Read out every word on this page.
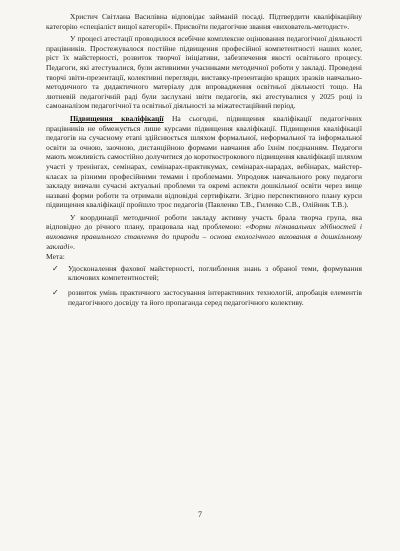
Христич Світлана Василівна відповідає займаній посаді. Підтвердити кваліфікаційну категорію «спеціаліст вищої категорії». Присвоїти педагогічне звання «вихователь-методист».

У процесі атестації проводилося всебічне комплексне оцінювання педагогічної діяльності працівників. Простежувалося постійне підвищення професійної компетентності наших колег, ріст їх майстерності, розвиток творчої ініціативи, забезпечення якості освітнього процесу. Педагоги, які атестувалися, були активними учасниками методичної роботи у закладі. Проведені творчі звіти-презентації, колективні перегляди, виставку-презентацію кращих зразків навчально-методичного та дидактичного матеріалу для впровадження освітньої діяльності тощо. На лютневій педагогічній раді були заслухані звіти педагогів, які атестувалися у 2025 році із самоаналізом педагогічної та освітньої діяльності за міжатестаційний період.

Підвищення кваліфікації На сьогодні, підвищення кваліфікації педагогічних працівників не обмежується лише курсами підвищення кваліфікації. Підвищення кваліфікації педагогів на сучасному етапі здійснюється шляхом формальної, неформальної та інформальної освіти за очною, заочною, дистанційною формами навчання або їхнім поєднанням. Педагоги мають можливість самостійно долучитися до короткострокового підвищення кваліфікації шляхом участі у тренінгах, семінарах, семінарах-практикумах, семінарах-нарадах, вебінарах, майстер-класах за різними професійними темами і проблемами. Упродовж навчального року педагоги закладу вивчали сучасні актуальні проблеми та окремі аспекти дошкільної освіти через вище названі форми роботи та отримали відповідні сертифікати. Згідно перспективного плану курси підвищення кваліфікації пройшло троє педагогів (Павленко Т.В., Гиленко С.В., Олійник Т.В.).

У координації методичної роботи закладу активну участь брала творча група, яка відповідно до річного плану, працювала над проблемою: «Форми пізнавальних здібностей і виховання правильного ставлення до природи – основа екологічного виховання в дошкільному закладі».

Мета:

✓ Удосконалення фахової майстерності, поглиблення знань з обраної теми, формування ключових компетентностей;
✓ розвиток умінь практичного застосування інтерактивних технологій, апробація елементів педагогічного досвіду та його пропаганда серед педагогічного колективу.
7
